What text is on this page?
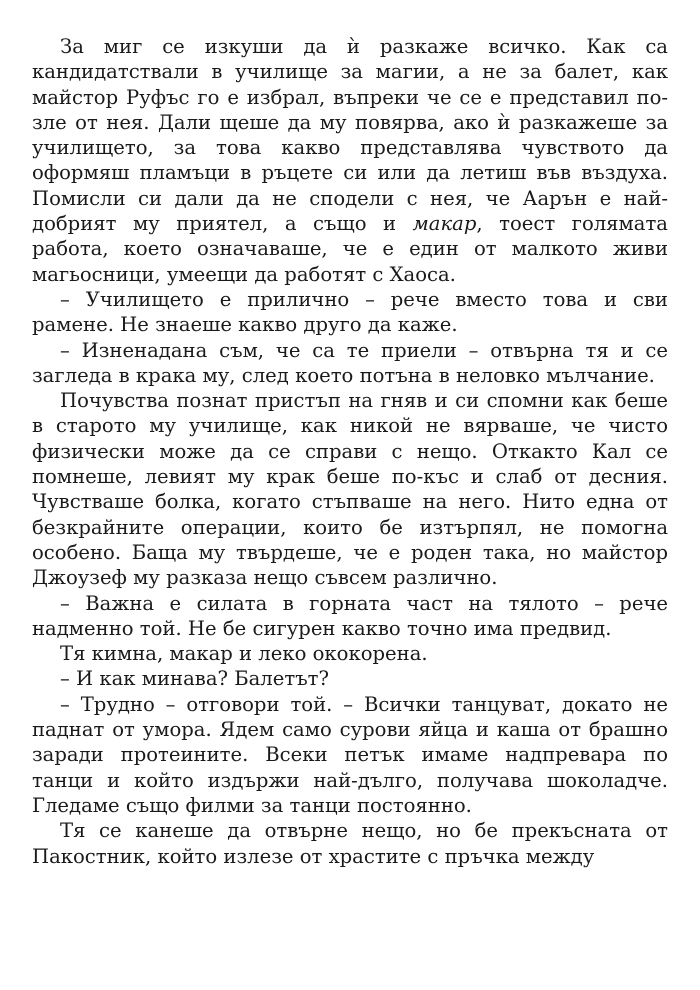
За миг се изкуши да ѝ разкаже всичко. Как са кандидатствали в училище за магии, а не за балет, как майстор Руфъс го е избрал, въпреки че се е представил по-зле от нея. Дали щеше да му повярва, ако ѝ разкажеше за училището, за това какво представлява чувството да оформяш пламъци в ръцете си или да летиш във въздуха. Помисли си дали да не сподели с нея, че Аарън е най-добрият му приятел, а също и макар, тоест голямата работа, което означаваше, че е един от малкото живи магьосници, умеещи да работят с Хаоса.

– Училището е прилично – рече вместо това и сви рамене. Не знаеше какво друго да каже.

– Изненадана съм, че са те приели – отвърна тя и се загледа в крака му, след което потъна в неловко мълчание.

Почувства познат пристъп на гняв и си спомни как беше в старото му училище, как никой не вярваше, че чисто физически може да се справи с нещо. Откакто Кал се помнеше, левият му крак беше по-къс и слаб от десния. Чувстваше болка, когато стъпваше на него. Нито една от безкрайните операции, които бе изтърпял, не помогна особено. Баща му твърдеше, че е роден така, но майстор Джоузеф му разказа нещо съвсем различно.

– Важна е силата в горната част на тялото – рече надменно той. Не бе сигурен какво точно има предвид.

Тя кимна, макар и леко ококорена.

– И как минава? Балетът?

– Трудно – отговори той. – Всички танцуват, докато не паднат от умора. Ядем само сурови яйца и каша от брашно заради протеините. Всеки петък имаме надпревара по танци и който издържи най-дълго, получава шоколадче. Гледаме също филми за танци постоянно.

Тя се канеше да отвърне нещо, но бе прекъсната от Пакостник, който излезе от храстите с пръчка между
